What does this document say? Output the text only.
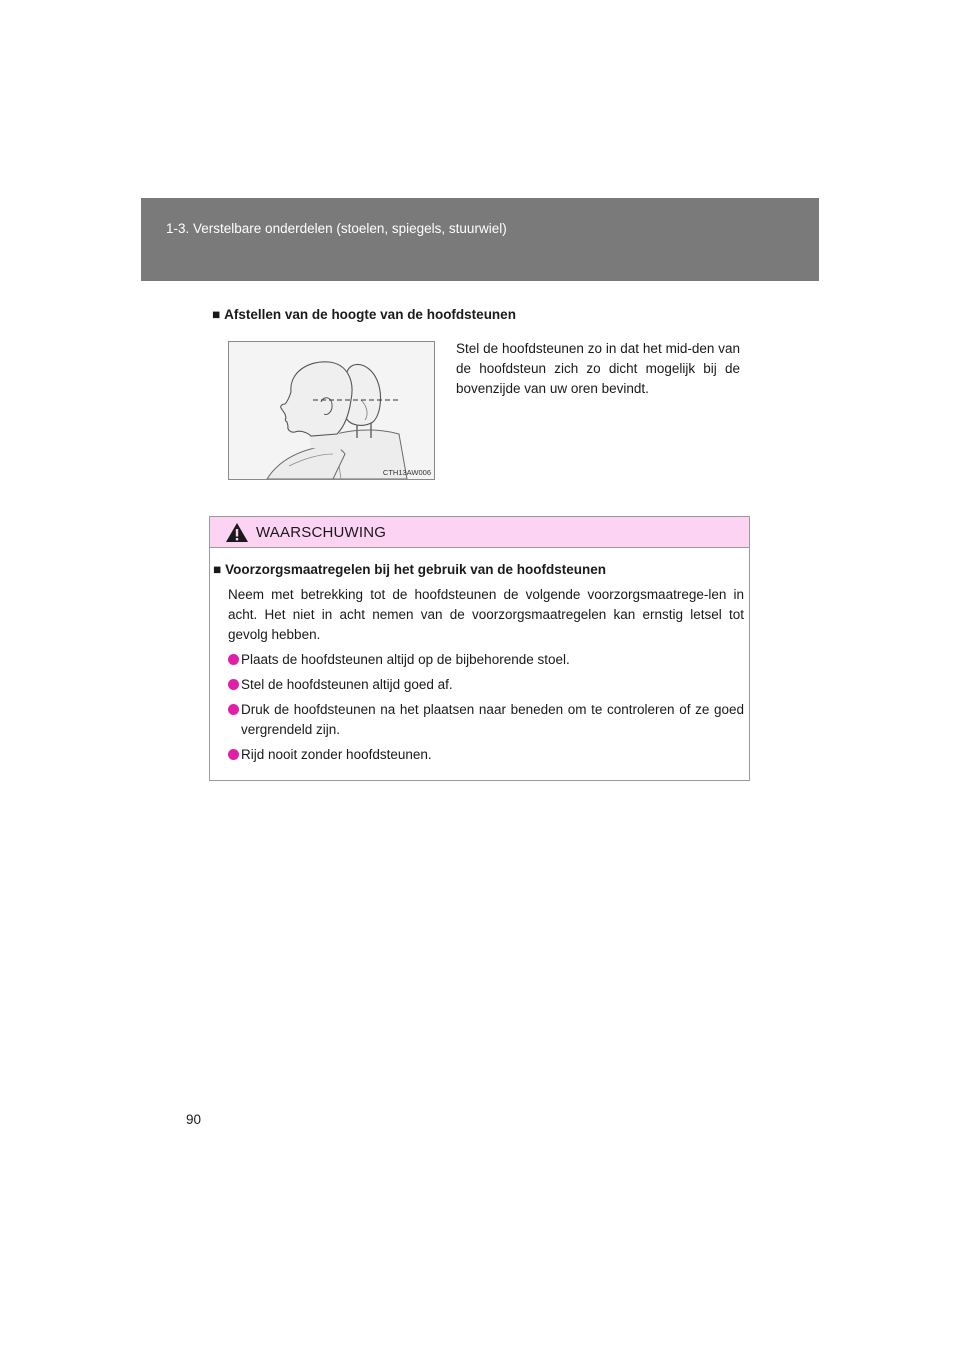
1-3. Verstelbare onderdelen (stoelen, spiegels, stuurwiel)
■ Afstellen van de hoogte van de hoofdsteunen
CTH13AW006
Stel de hoofdsteunen zo in dat het mid-den van de hoofdsteun zich zo dicht mogelijk bij de bovenzijde van uw oren bevindt.
WAARSCHUWING
■ Voorzorgsmaatregelen bij het gebruik van de hoofdsteunen
Neem met betrekking tot de hoofdsteunen de volgende voorzorgsmaatrege-len in acht. Het niet in acht nemen van de voorzorgsmaatregelen kan ernstig letsel tot gevolg hebben.
Plaats de hoofdsteunen altijd op de bijbehorende stoel.
Stel de hoofdsteunen altijd goed af.
Druk de hoofdsteunen na het plaatsen naar beneden om te controleren of ze goed vergrendeld zijn.
Rijd nooit zonder hoofdsteunen.
90
